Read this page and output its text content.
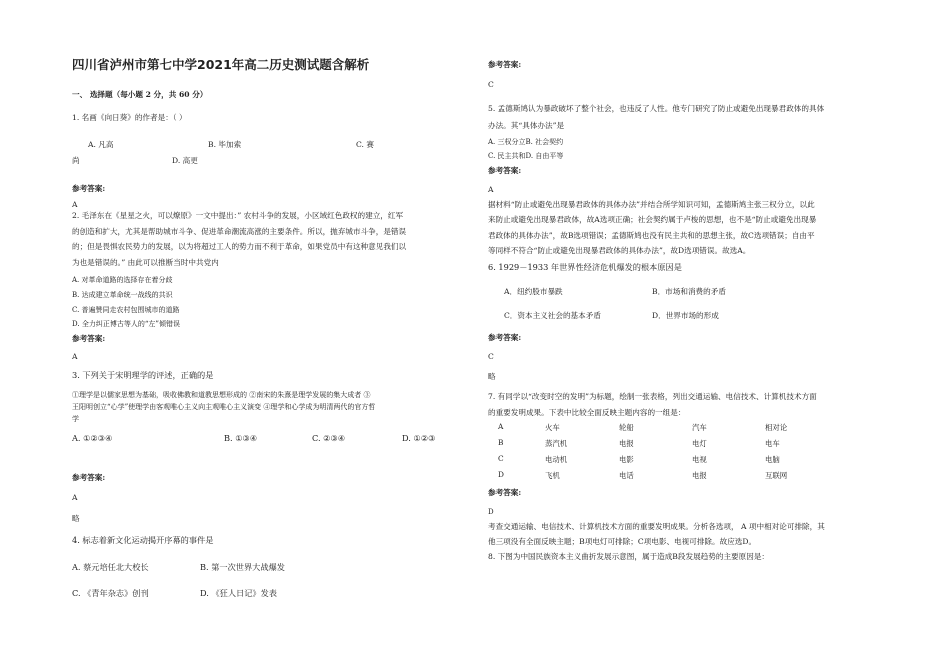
四川省泸州市第七中学2021年高二历史测试题含解析
一、 选择题（每小题 2 分，共 60 分）
1. 名画《向日葵》的作者是：（ ）
A. 凡高	B. 毕加索	C. 赛
尚	D. 高更
参考答案:
A
2. 毛泽东在《星星之火，可以燎原》一文中提出：” 农村斗争的发展，小区域红色政权的建立，红军
的创造和扩大，尤其是帮助城市斗争、促进革命潮流高涨的主要条件。所以，抛弃城市斗争，是错误
的；但是畏惧农民势力的发展，以为将超过工人的势力而不利于革命，如果党员中有这种意见我们以
为也是错误的。” 由此可以推断当时中共党内
A. 对革命道路的选择存在着分歧
B. 达成建立革命统一战线的共识
C. 普遍赞同走农村包围城市的道路
D. 全力纠正博古等人的“左”倾错误
参考答案:
A
3. 下列关于宋明理学的评述，正确的是
①理学是以儒家思想为基础，吸收佛教和道教思想形成的 ②南宋的朱熹是理学发展的集大成者 ③
王阳明创立“心学”使理学由客观唯心主义向主观唯心主义演变 ④理学和心学成为明清两代的官方哲
学
A. ①②③④	B. ①③④	C. ②③④	D. ①②③
参考答案:
A
略
4. 标志着新文化运动揭开序幕的事件是
A. 蔡元培任北大校长	B. 第一次世界大战爆发
C. 《青年杂志》创刊	D. 《狂人日记》发表
参考答案:
C
5. 孟德斯鸠认为暴政破坏了整个社会，也违反了人性。他专门研究了防止或避免出现暴君政体的具体
办法。其“具体办法”是
A. 三权分立B. 社会契约
C. 民主共和D. 自由平等
参考答案:
A
据材料“防止或避免出现暴君政体的具体办法”并结合所学知识可知，孟德斯鸠主张三权分立，以此
来防止或避免出现暴君政体，故A选项正确；社会契约属于卢梭的思想，也不是“防止或避免出现暴
君政体的具体办法”，故B选项错误；孟德斯鸠也没有民主共和的思想主张，故C选项错误；自由平
等同样不符合“防止或避免出现暴君政体的具体办法”，故D选项错误。故选A。
6. 1929－1933 年世界性经济危机爆发的根本原因是
A．纽约股市暴跌	B．市场和消费的矛盾
C．资本主义社会的基本矛盾	D．世界市场的形成
参考答案:
C
略
7. 有同学以“改变时空的发明”为标题，绘制一张表格，列出交通运输、电信技术、计算机技术方面
的重要发明成果。下表中比较全面反映主题内容的一组是：
A	火车	轮船	汽车	相对论
B	蒸汽机	电报	电灯	电车
C	电动机	电影	电视	电脑
D	飞机	电话	电报	互联网
参考答案:
D
考查交通运输、电信技术、计算机技术方面的重要发明成果。分析各选项， A 项中相对论可排除，其
他三项没有全面反映主题；B项电灯可排除；C项电影、电视可排除。故应选D。
8. 下图为中国民族资本主义曲折发展示意图，属于造成B段发展趋势的主要原因是：
